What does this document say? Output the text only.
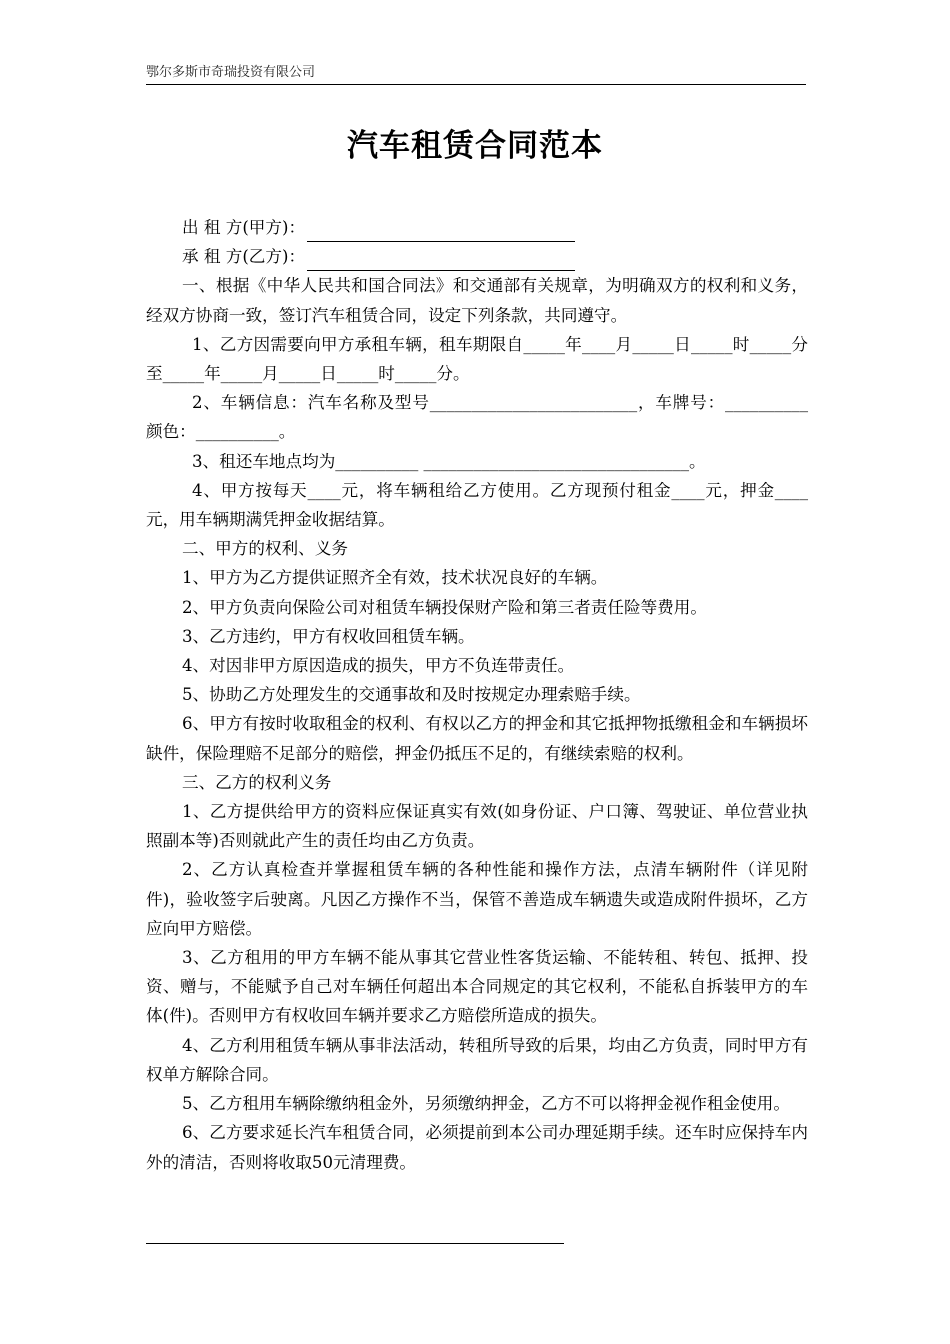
鄂尔多斯市奇瑞投资有限公司
汽车租赁合同范本

出 租 方(甲方)：

承 租 方(乙方)：

一、根据《中华人民共和国合同法》和交通部有关规章，为明确双方的权利和义务，经双方协商一致，签订汽车租赁合同，设定下列条款，共同遵守。

1、乙方因需要向甲方承租车辆，租车期限自_____年____月_____日_____时_____分至_____年_____月_____日_____时_____分。

2、车辆信息：汽车名称及型号_________________________，车牌号：__________颜色：__________。

3、租还车地点均为__________ ________________________________。

4、甲方按每天____元，将车辆租给乙方使用。乙方现预付租金____元，押金____元，用车辆期满凭押金收据结算。

二、甲方的权利、义务

1、甲方为乙方提供证照齐全有效，技术状况良好的车辆。

2、甲方负责向保险公司对租赁车辆投保财产险和第三者责任险等费用。

3、乙方违约，甲方有权收回租赁车辆。

4、对因非甲方原因造成的损失，甲方不负连带责任。

5、协助乙方处理发生的交通事故和及时按规定办理索赔手续。

6、甲方有按时收取租金的权利、有权以乙方的押金和其它抵押物抵缴租金和车辆损坏缺件，保险理赔不足部分的赔偿，押金仍抵压不足的，有继续索赔的权利。

三、乙方的权利义务

1、乙方提供给甲方的资料应保证真实有效(如身份证、户口簿、驾驶证、单位营业执照副本等)否则就此产生的责任均由乙方负责。

2、乙方认真检查并掌握租赁车辆的各种性能和操作方法，点清车辆附件（详见附件)，验收签字后驶离。凡因乙方操作不当，保管不善造成车辆遗失或造成附件损坏，乙方应向甲方赔偿。

3、乙方租用的甲方车辆不能从事其它营业性客货运输、不能转租、转包、抵押、投资、赠与，不能赋予自己对车辆任何超出本合同规定的其它权利，不能私自拆装甲方的车体(件)。否则甲方有权收回车辆并要求乙方赔偿所造成的损失。

4、乙方利用租赁车辆从事非法活动，转租所导致的后果，均由乙方负责，同时甲方有权单方解除合同。

5、乙方租用车辆除缴纳租金外，另须缴纳押金，乙方不可以将押金视作租金使用。

6、乙方要求延长汽车租赁合同，必须提前到本公司办理延期手续。还车时应保持车内外的清洁，否则将收取50元清理费。
